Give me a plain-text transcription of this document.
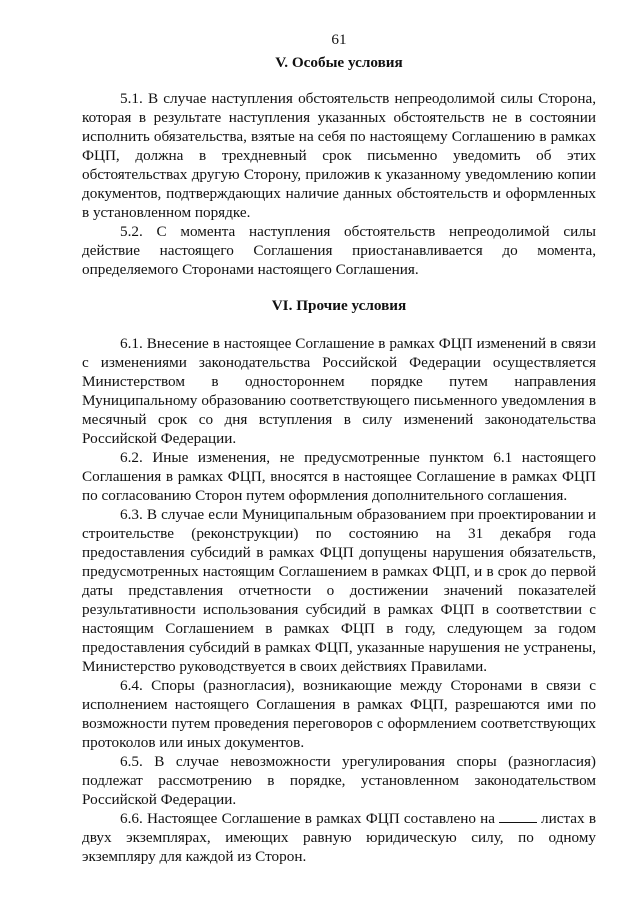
61
V. Особые условия

5.1. В случае наступления обстоятельств непреодолимой силы Сторона, которая в результате наступления указанных обстоятельств не в состоянии исполнить обязательства, взятые на себя по настоящему Соглашению в рамках ФЦП, должна в трехдневный срок письменно уведомить об этих обстоятельствах другую Сторону, приложив к указанному уведомлению копии документов, подтверждающих наличие данных обстоятельств и оформленных в установленном порядке.

5.2. С момента наступления обстоятельств непреодолимой силы действие настоящего Соглашения приостанавливается до момента, определяемого Сторонами настоящего Соглашения.

VI. Прочие условия

6.1. Внесение в настоящее Соглашение в рамках ФЦП изменений в связи с изменениями законодательства Российской Федерации осуществляется Министерством в одностороннем порядке путем направления Муниципальному образованию соответствующего письменного уведомления в месячный срок со дня вступления в силу изменений законодательства Российской Федерации.

6.2. Иные изменения, не предусмотренные пунктом 6.1 настоящего Соглашения в рамках ФЦП, вносятся в настоящее Соглашение в рамках ФЦП по согласованию Сторон путем оформления дополнительного соглашения.

6.3. В случае если Муниципальным образованием при проектировании и строительстве (реконструкции) по состоянию на 31 декабря года предоставления субсидий в рамках ФЦП допущены нарушения обязательств, предусмотренных настоящим Соглашением в рамках ФЦП, и в срок до первой даты представления отчетности о достижении значений показателей результативности использования субсидий в рамках ФЦП в соответствии с настоящим Соглашением в рамках ФЦП в году, следующем за годом предоставления субсидий в рамках ФЦП, указанные нарушения не устранены, Министерство руководствуется в своих действиях Правилами.

6.4. Споры (разногласия), возникающие между Сторонами в связи с исполнением настоящего Соглашения в рамках ФЦП, разрешаются ими по возможности путем проведения переговоров с оформлением соответствующих протоколов или иных документов.

6.5. В случае невозможности урегулирования споры (разногласия) подлежат рассмотрению в порядке, установленном законодательством Российской Федерации.

6.6. Настоящее Соглашение в рамках ФЦП составлено на	листах в двух экземплярах, имеющих равную юридическую силу, по одному экземпляру для каждой из Сторон.
